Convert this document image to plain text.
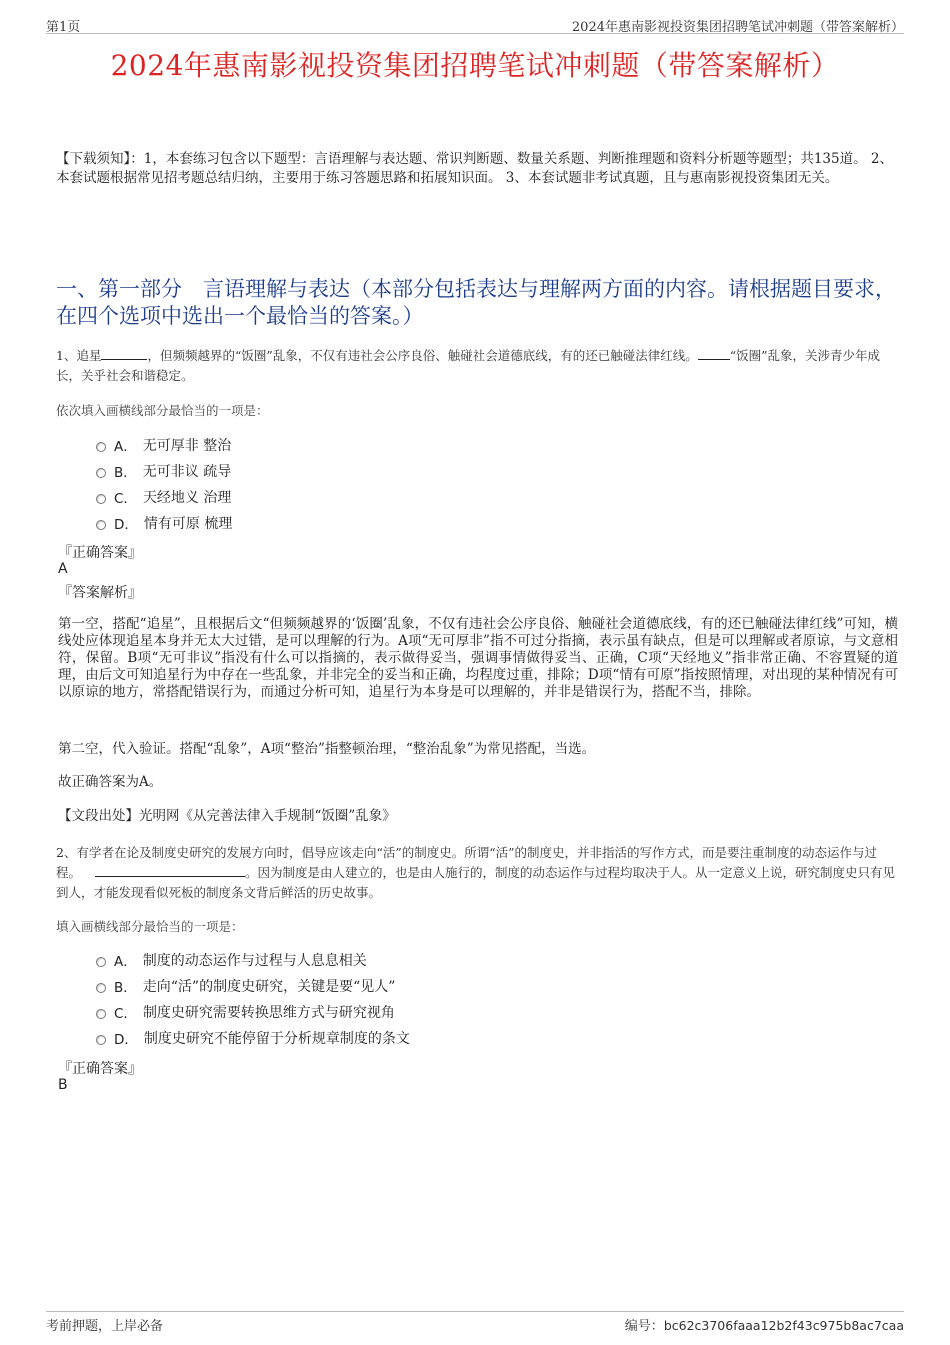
第1页	2024年惠南影视投资集团招聘笔试冲刺题（带答案解析）
2024年惠南影视投资集团招聘笔试冲刺题（带答案解析）
【下载须知】：1，本套练习包含以下题型：言语理解与表达题、常识判断题、数量关系题、判断推理题和资料分析题等题型；共135道。 2、本套试题根据常见招考题总结归纳，主要用于练习答题思路和拓展知识面。 3、本套试题非考试真题，且与惠南影视投资集团无关。
一、第一部分　言语理解与表达（本部分包括表达与理解两方面的内容。请根据题目要求，在四个选项中选出一个最恰当的答案。）
1、追星	，但频频越界的“饭圈”乱象，不仅有违社会公序良俗、触碰社会道德底线，有的还已触碰法律红线。	“饭圈”乱象，关涉青少年成长，关乎社会和谐稳定。
依次填入画横线部分最恰当的一项是：
A． 无可厚非 整治
B． 无可非议 疏导
C． 天经地义 治理
D． 情有可原 梳理
『正确答案』
A
『答案解析』
第一空，搭配“追星”，且根据后文“但频频越界的‘饭圈’乱象，不仅有违社会公序良俗、触碰社会道德底线，有的还已触碰法律红线”可知，横线处应体现追星本身并无太大过错，是可以理解的行为。A项“无可厚非”指不可过分指摘，表示虽有缺点，但是可以理解或者原谅，与文意相符，保留。B项“无可非议”指没有什么可以指摘的，表示做得妥当，强调事情做得妥当、正确，C项“天经地义”指非常正确、不容置疑的道理，由后文可知追星行为中存在一些乱象，并非完全的妥当和正确，均程度过重，排除；D项“情有可原”指按照情理，对出现的某种情况有可以原谅的地方，常搭配错误行为，而通过分析可知，追星行为本身是可以理解的，并非是错误行为，搭配不当，排除。
第二空，代入验证。搭配“乱象”，A项“整治”指整顿治理，“整治乱象”为常见搭配，当选。
故正确答案为A。
【文段出处】光明网《从完善法律入手规制“饭圈”乱象》
2、有学者在论及制度史研究的发展方向时，倡导应该走向“活”的制度史。所谓“活”的制度史，并非指活的写作方式，而是要注重制度的动态运作与过程。	。因为制度是由人建立的，也是由人施行的，制度的动态运作与过程均取决于人。从一定意义上说，研究制度史只有见到人，才能发现看似死板的制度条文背后鲜活的历史故事。
填入画横线部分最恰当的一项是：
A． 制度的动态运作与过程与人息息相关
B． 走向“活”的制度史研究，关键是要“见人”
C． 制度史研究需要转换思维方式与研究视角
D． 制度史研究不能停留于分析规章制度的条文
『正确答案』
B
考前押题，上岸必备	编号：bc62c3706faaa12b2f43c975b8ac7caa
